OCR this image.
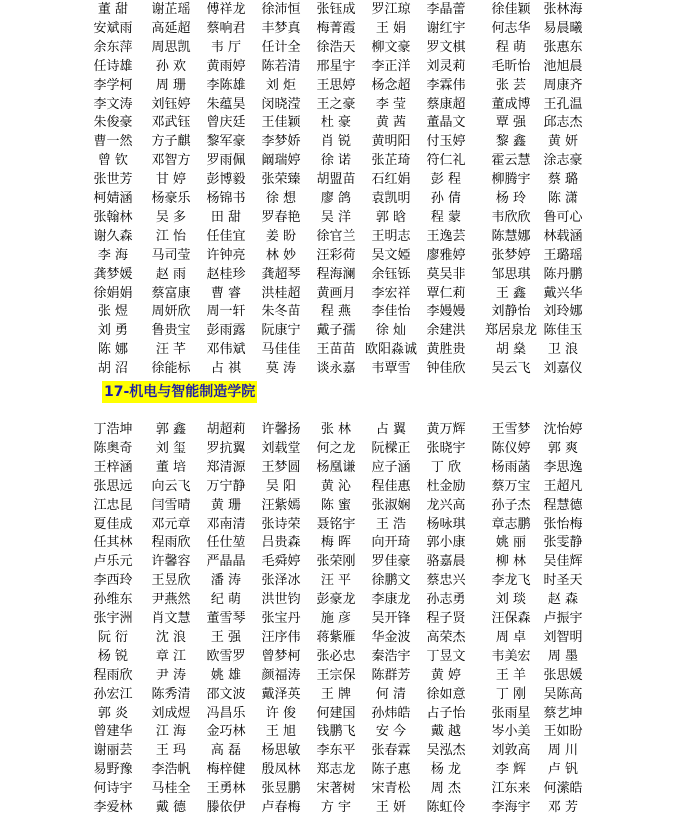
董 甜	谢芷瑶	傅祥龙	徐沛恒	张钰成	罗江琼	李晶蕾	徐佳颖 张林海
安斌雨	高延超	蔡响君	丰梦真	梅菁霞	王 娟	谢红宇	何志华 易晨曦
余东萍	周思凯	韦 厅	任计全	徐浩天	柳文豪	罗文棋	程 萌	张惠东
任诗雄	孙 欢	黄雨婷	陈若清	邢星宇	李正洋	刘灵莉	毛昕怡 池旭晨
李学柯	周 珊	李陈雄	刘 炬	王思婷	杨念超	李霖伟	张 芸	周康齐
李文涛	刘钰婷	朱蕴昊	闵晓滢	王之豪	李 莹	蔡康超	董成博 王孔温
朱俊豪	邓武钰	曾庆廷	王佳颖	杜 豪	黄 茜	董晶文	覃 强	邱志杰
曹一然	方子麒	黎军豪	李梦娇	肖 锐	黄明阳	付玉婷	黎 鑫	黄 妍
曾 钦	邓智方	罗雨佩	阚瑞婷	徐 诺	张芷琦	符仁礼	霍云慧 涂志豪
张世芳	甘 婷	彭博毅	张荣臻	胡盟苗	石红娟	彭 程	柳腾宇	蔡 璐
柯婧涵	杨豪乐	杨锦书	徐 想	廖 鸽	袁凯明	孙 倩	杨 玲	陈 潇
张翰林	吴 多	田 甜	罗春艳	吴 洋	郭 晗	程 蒙	韦欣欣 鲁可心
谢久森	江 怡	任佳宜	姜 盼	徐官兰	王明志	王逸芸	陈慧娜 林载涵
李 海	马司莹	许钟亮	林 妙	汪彩荷	吴文婭	廖雅婷	张梦婷 王璐瑶
龚梦媛	赵 雨	赵桂珍	龚超琴	程海澜	余钰铄	莫吴非	邹思琪 陈丹鹏
徐娟娟	蔡富康	曹 睿	洪桂超	黄画月	李宏祥	覃仁莉	王 鑫	戴兴华
张 煜	周妍欣	周一轩	朱冬苗	程 燕	李佳怡	李嫚嫚	刘静怡 刘玲娜
刘 勇	鲁贵宝	彭雨露	阮康宁	戴子孺	徐 灿	余建洪	郑居泉龙 陈佳玉
陈 娜	汪 芊	邓伟斌	马佳佳	王苗苗 欧阳淼诚 黄胜贵	胡 燊	卫 浪
胡 沼	徐能标	占 祺	莫 涛	谈永嘉	韦覃雪	钟佳欣	吴云飞 刘嘉仪
17-机电与智能制造学院
丁浩坤	郭 鑫	胡超莉	许馨扬	张 林	占 翼	黄万辉	王雪梦 沈怡婷
陈奥奇	刘 玺	罗抗翼	刘载堂	何之龙	阮樑正	张晓宇	陈仪婷	郭 爽
王梓涵	董 培	郑清源	王梦圆	杨凰谦	应子涵	丁 欣	杨雨菡 李思逸
张思远	向云飞	万宁静	吴 阳	黄 沁	程佳惠	杜金励	蔡万宝 王超凡
江忠昆	闫雪晴	黄 珊	汪紫嫣	陈 蜜	张淑娴	龙兴高	孙子杰 程慧德
夏佳成	邓元章	邓南清	张诗荣	聂铭宇	王 浩	杨咏琪	章志鹏 张怡梅
任其林	程雨欣	任仕堃	吕贵森	梅 晖	向开琦	郭小康	姚 丽	张雯静
卢乐元	许馨容	严晶晶	毛舜婷	张荣刚	罗佳豪	骆嘉晨	柳 林	吴佳辉
李西玲	王昱欣	潘 涛	张泽冰	汪 平	徐鹏文	蔡忠兴	李龙飞 时圣天
孙维东	尹燕然	纪 萌	洪世钧	彭豪龙	李康龙	孙志勇	刘 琰	赵 森
张宇洲	肖文慧	董雪琴	张宝丹	施 彦	吴开锋	程子贤	汪保森 卢振宇
阮 衍	沈 浪	王 强	汪序伟	蒋紫雁	华金波	高荣杰	周 卓	刘智明
杨 锐	章 江	欧雪罗	曾梦柯	张必忠	秦浩宇	丁昱文	韦美宏	周 墨
程雨欣	尹 涛	姚 雄	颜福涛	王宗保	陈群芳	黄 婷	王 羊	张思媛
孙宏江	陈秀清	邵文波	戴泽英	王 牌	何 清	徐如意	丁 刚	吴陈高
郭 炎	刘成煜	冯昌乐	许 俊	何建国	孙炜皓	占子怡	张雨星 蔡艺坤
曾建华	江 海	金巧林	王 旭	钱鹏飞	安 今	戴 越	岑小美 王如盼
谢丽芸	王 玛	高 磊	杨思敏	李东平	张春霖	吴泓杰	刘敦高	周 川
易野豫	李浩帆	梅梓健	殷凤林	郑志龙	陈子惠	杨 龙	李 辉	卢 钒
何诗宇	马桂全	王勇林	张昱鹏	宋著树	宋青松	周 杰	江东来 何潆皓
李爱林	戴 德	滕依伊	卢春梅	方 宇	王 妍	陈虹伶	李海宇	邓 芳
